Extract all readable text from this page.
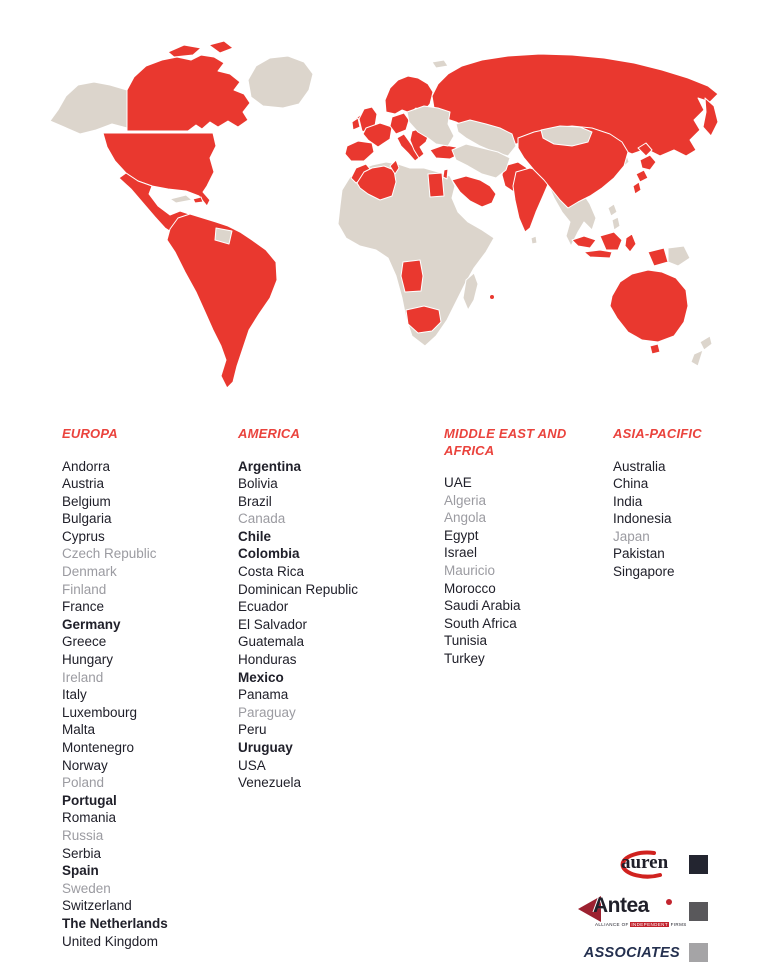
EUROPA
Andorra
Austria
Belgium
Bulgaria
Cyprus
Czech Republic
Denmark
Finland
France
Germany
Greece
Hungary
Ireland
Italy
Luxembourg
Malta
Montenegro
Norway
Poland
Portugal
Romania
Russia
Serbia
Spain
Sweden
Switzerland
The Netherlands
United Kingdom
AMERICA
Argentina
Bolivia
Brazil
Canada
Chile
Colombia
Costa Rica
Dominican Republic
Ecuador
El Salvador
Guatemala
Honduras
Mexico
Panama
Paraguay
Peru
Uruguay
USA
Venezuela
MIDDLE EAST AND AFRICA
UAE
Algeria
Angola
Egypt
Israel
Mauricio
Morocco
Saudi Arabia
South Africa
Tunisia
Turkey
ASIA-PACIFIC
Australia
China
India
Indonesia
Japan
Pakistan
Singapore
auren
Antea
ALLIANCE OF INDEPENDENT FIRMS
ASSOCIATES
